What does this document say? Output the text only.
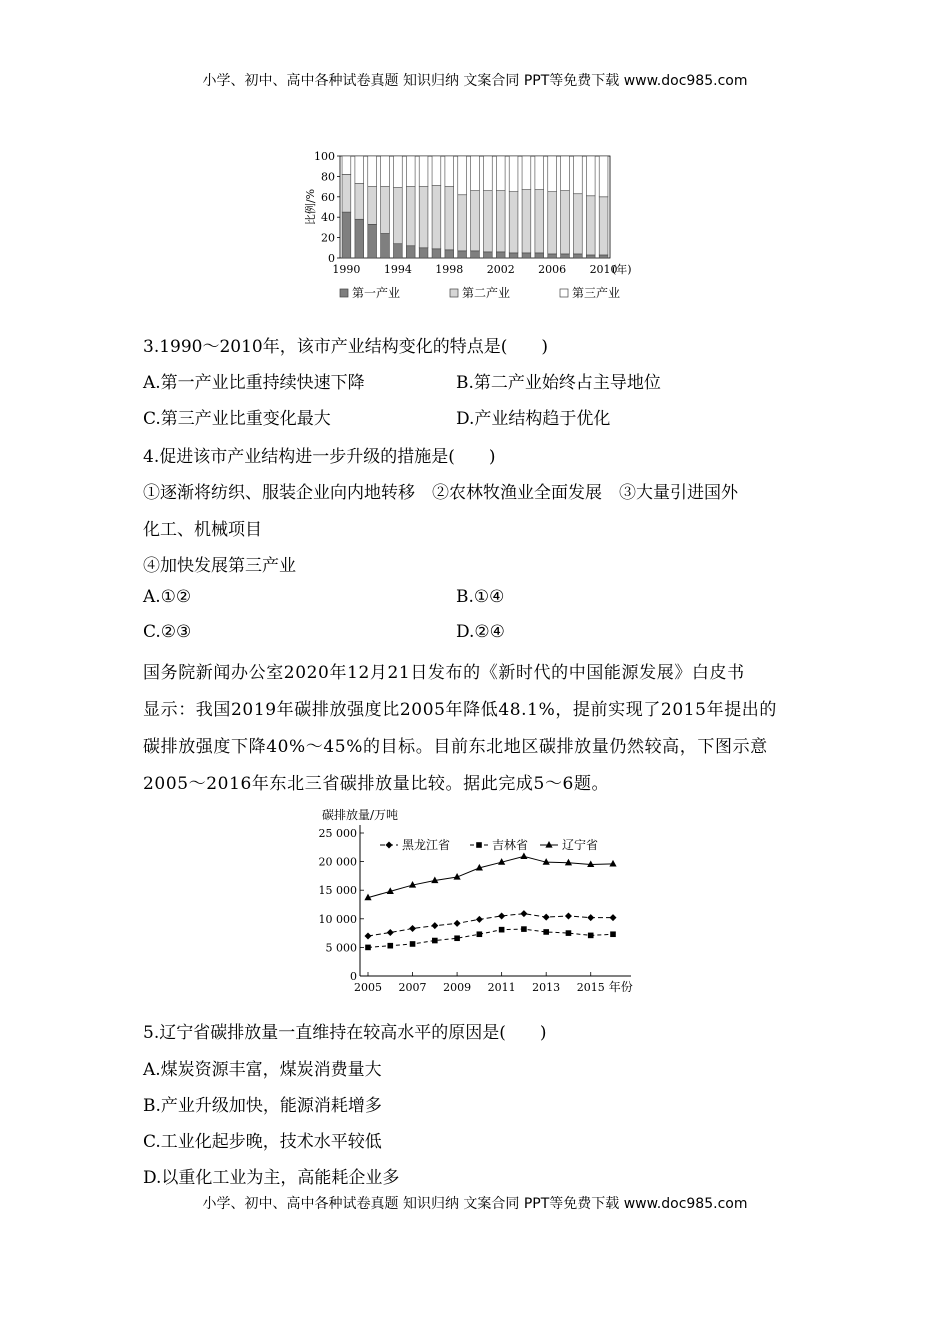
小学、初中、高中各种试卷真题 知识归纳 文案合同 PPT等免费下载 www.doc985.com
100
80
60
40
20
0
1990 1994 1998 2002 2006 2010
(年)
比例/%
第一产业	第二产业	第三产业
3.1990～2010年，该市产业结构变化的特点是(　　)
A.第一产业比重持续快速下降	B.第二产业始终占主导地位
C.第三产业比重变化最大	D.产业结构趋于优化
4.促进该市产业结构进一步升级的措施是(　　)
①逐渐将纺织、服装企业向内地转移　②农林牧渔业全面发展　③大量引进国外
化工、机械项目
④加快发展第三产业
A.①②	B.①④
C.②③	D.②④
国务院新闻办公室2020年12月21日发布的《新时代的中国能源发展》白皮书
显示：我国2019年碳排放强度比2005年降低48.1%，提前实现了2015年提出的
碳排放强度下降40%～45%的目标。目前东北地区碳排放量仍然较高，下图示意
2005～2016年东北三省碳排放量比较。据此完成5～6题。
25 000
20 000
15 000
10 000
5 000
0
2005 2007 2009 2011 2013 2015 年份
碳排放量/万吨
黑龙江省	吉林省	辽宁省
5.辽宁省碳排放量一直维持在较高水平的原因是(　　)
A.煤炭资源丰富，煤炭消费量大
B.产业升级加快，能源消耗增多
C.工业化起步晚，技术水平较低
D.以重化工业为主，高能耗企业多
小学、初中、高中各种试卷真题 知识归纳 文案合同 PPT等免费下载 www.doc985.com
